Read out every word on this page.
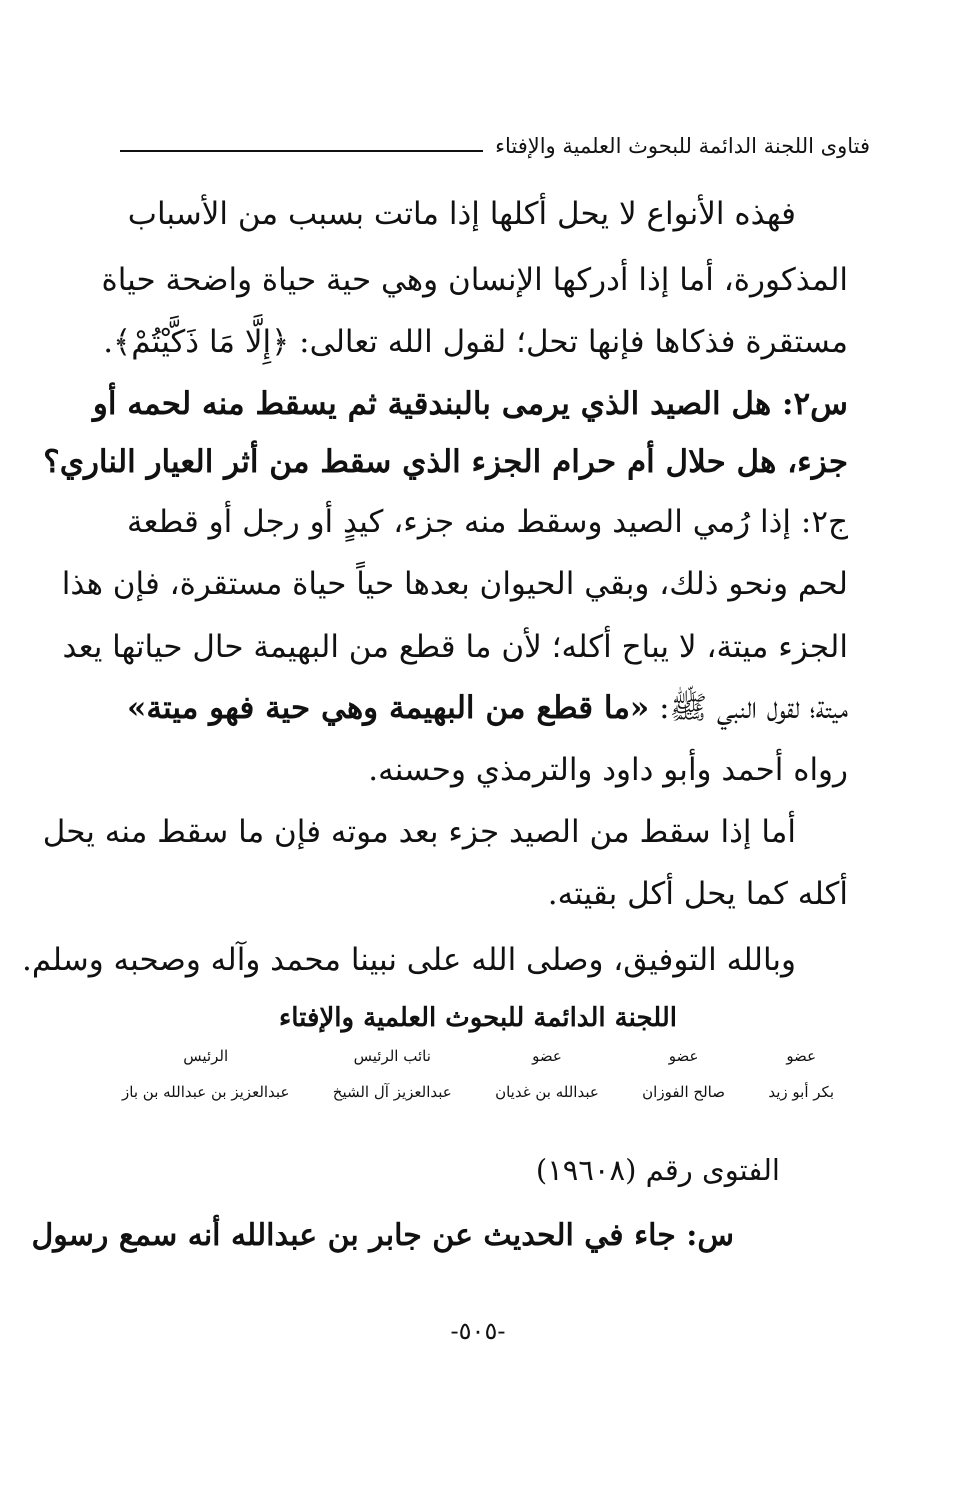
فتاوى اللجنة الدائمة للبحوث العلمية والإفتاء
فهذه الأنواع لا يحل أكلها إذا ماتت بسبب من الأسباب
المذكورة، أما إذا أدركها الإنسان وهي حية حياة واضحة حياة
مستقرة فذكاها فإنها تحل؛ لقول الله تعالى: ﴿إِلَّا مَا ذَكَّيْتُمْ﴾.
س٢: هل الصيد الذي يرمى بالبندقية ثم يسقط منه لحمه أو
جزء، هل حلال أم حرام الجزء الذي سقط من أثر العيار الناري؟
ج٢: إذا رُمي الصيد وسقط منه جزء، كيدٍ أو رجل أو قطعة
لحم ونحو ذلك، وبقي الحيوان بعدها حياً حياة مستقرة، فإن هذا
الجزء ميتة، لا يباح أكله؛ لأن ما قطع من البهيمة حال حياتها يعد
ميتة؛ لقول النبي ﷺ: «ما قطع من البهيمة وهي حية فهو ميتة»
رواه أحمد وأبو داود والترمذي وحسنه.
أما إذا سقط من الصيد جزء بعد موته فإن ما سقط منه يحل
أكله كما يحل أكل بقيته.
وبالله التوفيق، وصلى الله على نبينا محمد وآله وصحبه وسلم.
اللجنة الدائمة للبحوث العلمية والإفتاء
عضو
بكر أبو زيد
عضو
صالح الفوزان
عضو
عبدالله بن غديان
نائب الرئيس
عبدالعزيز آل الشيخ
الرئيس
عبدالعزيز بن عبدالله بن باز
الفتوى رقم (١٩٦٠٨)
س: جاء في الحديث عن جابر بن عبدالله أنه سمع رسول
-٥٠٥-
